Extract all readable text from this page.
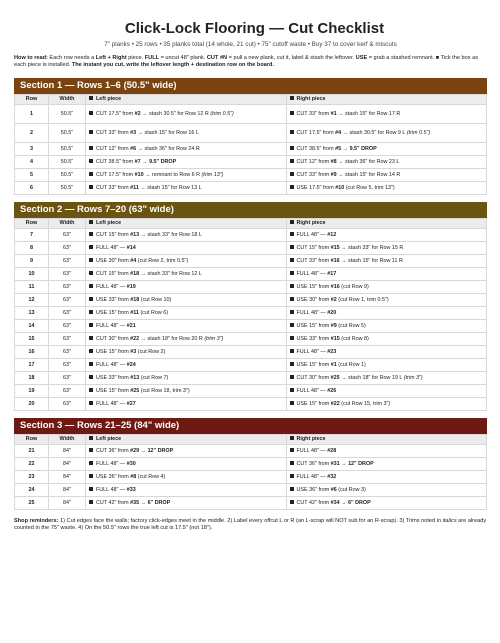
Click-Lock Flooring — Cut Checklist
7" planks • 25 rows • 35 planks total (14 whole, 21 cut) • 75" cutoff waste • Buy 37 to cover kerf & miscuts
How to read: Each row needs a Left + Right piece. FULL = uncut 48" plank. CUT #N = pull a new plank, cut it, label & stash the leftover. USE = grab a stashed remnant. ■ Tick the box as each piece is installed. The instant you cut, write the leftover length + destination row on the board.
Section 1 — Rows 1–6 (50.5" wide)
Row	Width	Left piece	Right piece
1	50.5"	CUT 17.5" from #2 → stash 30.5" for Row 12 R (trim 0.5")	CUT 33" from #1 → stash 15" for Row 17 R
2	50.5"	CUT 33" from #3 → stash 15" for Row 16 L	CUT 17.5" from #4 → stash 30.5" for Row 9 L (trim 0.5")
3	50.5"	CUT 12" from #6 → stash 36" for Row 24 R	CUT 38.5" from #5 → 9.5" DROP
4	50.5"	CUT 38.5" from #7 → 9.5" DROP	CUT 12" from #8 → stash 36" for Row 23 L
5	50.5"	CUT 17.5" from #10 → remnant to Row 6 R (trim 13")	CUT 33" from #9 → stash 15" for Row 14 R
6	50.5"	CUT 33" from #11 → stash 15" for Row 13 L	USE 17.5" from #10 (cut Row 5, trim 13")
Section 2 — Rows 7–20 (63" wide)
Row	Width	Left piece	Right piece
7	63"	CUT 15" from #13 → stash 33" for Row 18 L	FULL 48" — #12
8	63"	FULL 48" — #14	CUT 15" from #15 → stash 33" for Row 15 R
9	63"	USE 30" from #4 (cut Row 2, trim 0.5")	CUT 33" from #16 → stash 15" for Row 11 R
10	63"	CUT 15" from #18 → stash 33" for Row 12 L	FULL 48" — #17
11	63"	FULL 48" — #19	USE 15" from #16 (cut Row 9)
12	63"	USE 33" from #18 (cut Row 10)	USE 30" from #2 (cut Row 1, trim 0.5")
13	63"	USE 15" from #11 (cut Row 6)	FULL 48" — #20
14	63"	FULL 48" — #21	USE 15" from #9 (cut Row 5)
15	63"	CUT 30" from #22 → stash 18" for Row 20 R (trim 3")	USE 33" from #15 (cut Row 8)
16	63"	USE 15" from #3 (cut Row 2)	FULL 48" — #23
17	63"	FULL 48" — #24	USE 15" from #1 (cut Row 1)
18	63"	USE 33" from #13 (cut Row 7)	CUT 30" from #25 → stash 18" for Row 19 L (trim 3")
19	63"	USE 15" from #25 (cut Row 18, trim 3")	FULL 48" — #26
20	63"	FULL 48" — #27	USE 15" from #22 (cut Row 15, trim 3")
Section 3 — Rows 21–25 (84" wide)
Row	Width	Left piece	Right piece
21	84"	CUT 36" from #29 → 12" DROP	FULL 48" — #28
22	84"	FULL 48" — #30	CUT 36" from #31 → 12" DROP
23	84"	USE 36" from #8 (cut Row 4)	FULL 48" — #32
24	84"	FULL 48" — #33	USE 36" from #6 (cut Row 3)
25	84"	CUT 42" from #35 → 6" DROP	CUT 42" from #34 → 6" DROP
Shop reminders: 1) Cut edges face the walls; factory click-edges meet in the middle. 2) Label every offcut L or R (an L-scrap will NOT sub for an R-scrap). 3) Trims noted in italics are already counted in the 75" waste. 4) On the 50.5" rows the true left cut is 17.5" (not 18").
